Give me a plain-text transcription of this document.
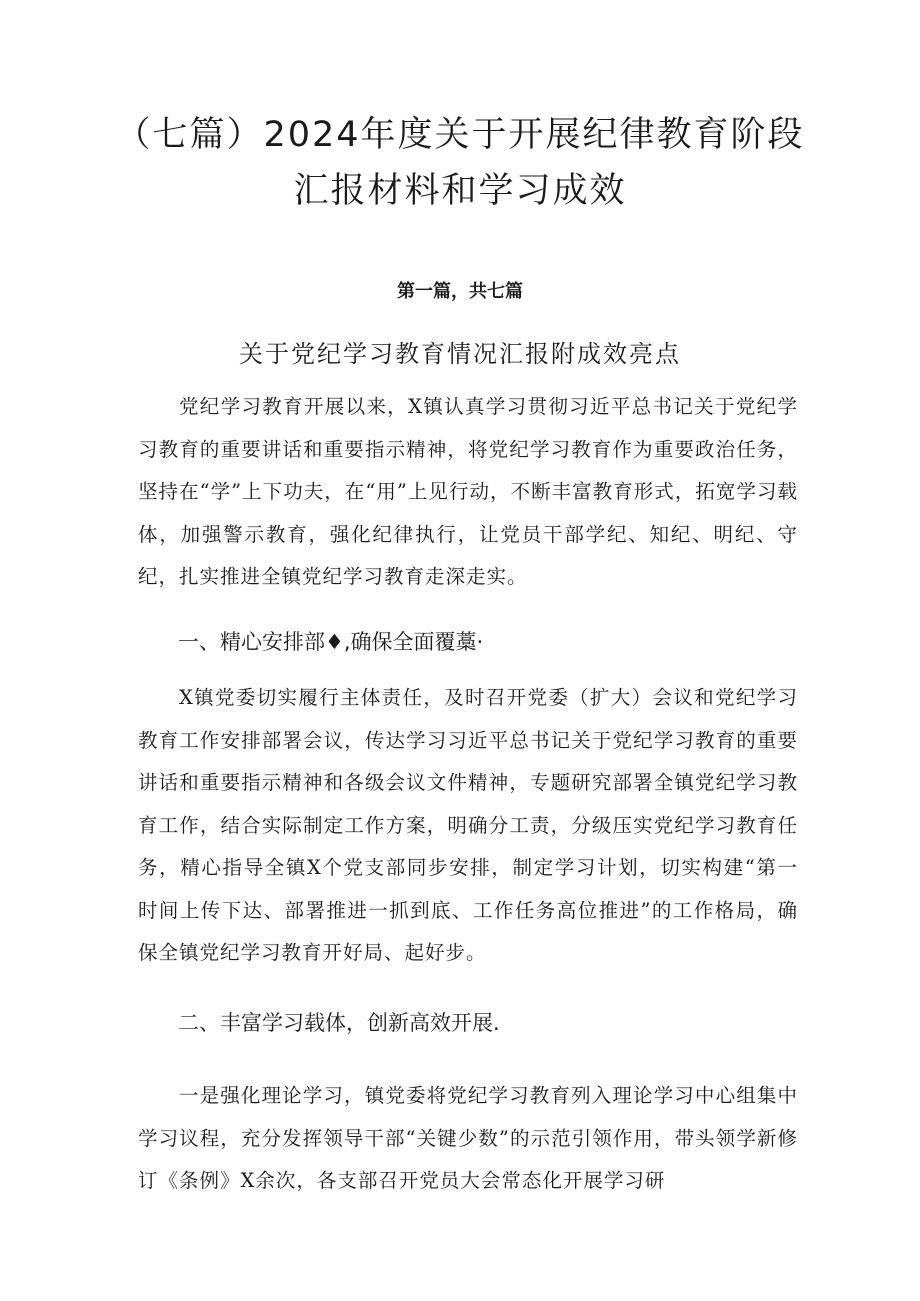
（七篇）2024年度关于开展纪律教育阶段
汇报材料和学习成效
第一篇，共七篇
关于党纪学习教育情况汇报附成效亮点

党纪学习教育开展以来，X镇认真学习贯彻习近平总书记关于党纪学习教育的重要讲话和重要指示精神，将党纪学习教育作为重要政治任务，坚持在“学”上下功夫，在“用”上见行动，不断丰富教育形式，拓宽学习载体，加强警示教育，强化纪律执行，让党员干部学纪、知纪、明纪、守纪，扎实推进全镇党纪学习教育走深走实。

一、精心安排部♦,确保全面覆藁·

X镇党委切实履行主体责任，及时召开党委（扩大）会议和党纪学习教育工作安排部署会议，传达学习习近平总书记关于党纪学习教育的重要讲话和重要指示精神和各级会议文件精神，专题研究部署全镇党纪学习教育工作，结合实际制定工作方案，明确分工责，分级压实党纪学习教育任务，精心指导全镇X个党支部同步安排，制定学习计划，切实构建“第一时间上传下达、部署推进一抓到底、工作任务高位推进”的工作格局，确保全镇党纪学习教育开好局、起好步。

二、丰富学习载体，创新高效开展.

一是强化理论学习，镇党委将党纪学习教育列入理论学习中心组集中学习议程，充分发挥领导干部“关键少数”的示范引领作用，带头领学新修订《条例》X余次，各支部召开党员大会常态化开展学习研
